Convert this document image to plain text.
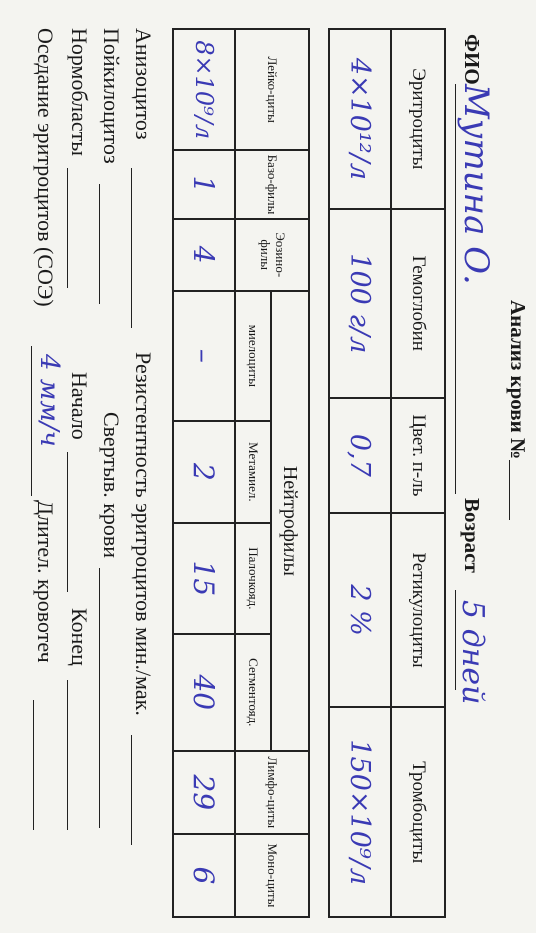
Анализ крови №
ФИО
Мутина О.
Возраст
5 дней
Эритроциты	Гемоглобин	Цвет. п-ль	Ретикулоциты	Тромбоциты
4×10¹²/л	100 г/л	0,7	2 %	150×10⁹/л
Лейко-циты	Базо-филы	Эозино-филы	Нейтрофилы				Лимфо-циты	Моно-циты
			миелоциты	Метамиел.	Палочкояд.	Сегментояд.		
8×10⁹/л	1	4	–	2	15	40	29	6
Анизоцитоз
Резистентность эритроцитов мин./мак.
Пойкилоцитоз
Свертыв. крови
Нормобласты
Начало
Конец
Оседание эритроцитов (СОЭ)
4 мм/ч
Длител. кровотеч
